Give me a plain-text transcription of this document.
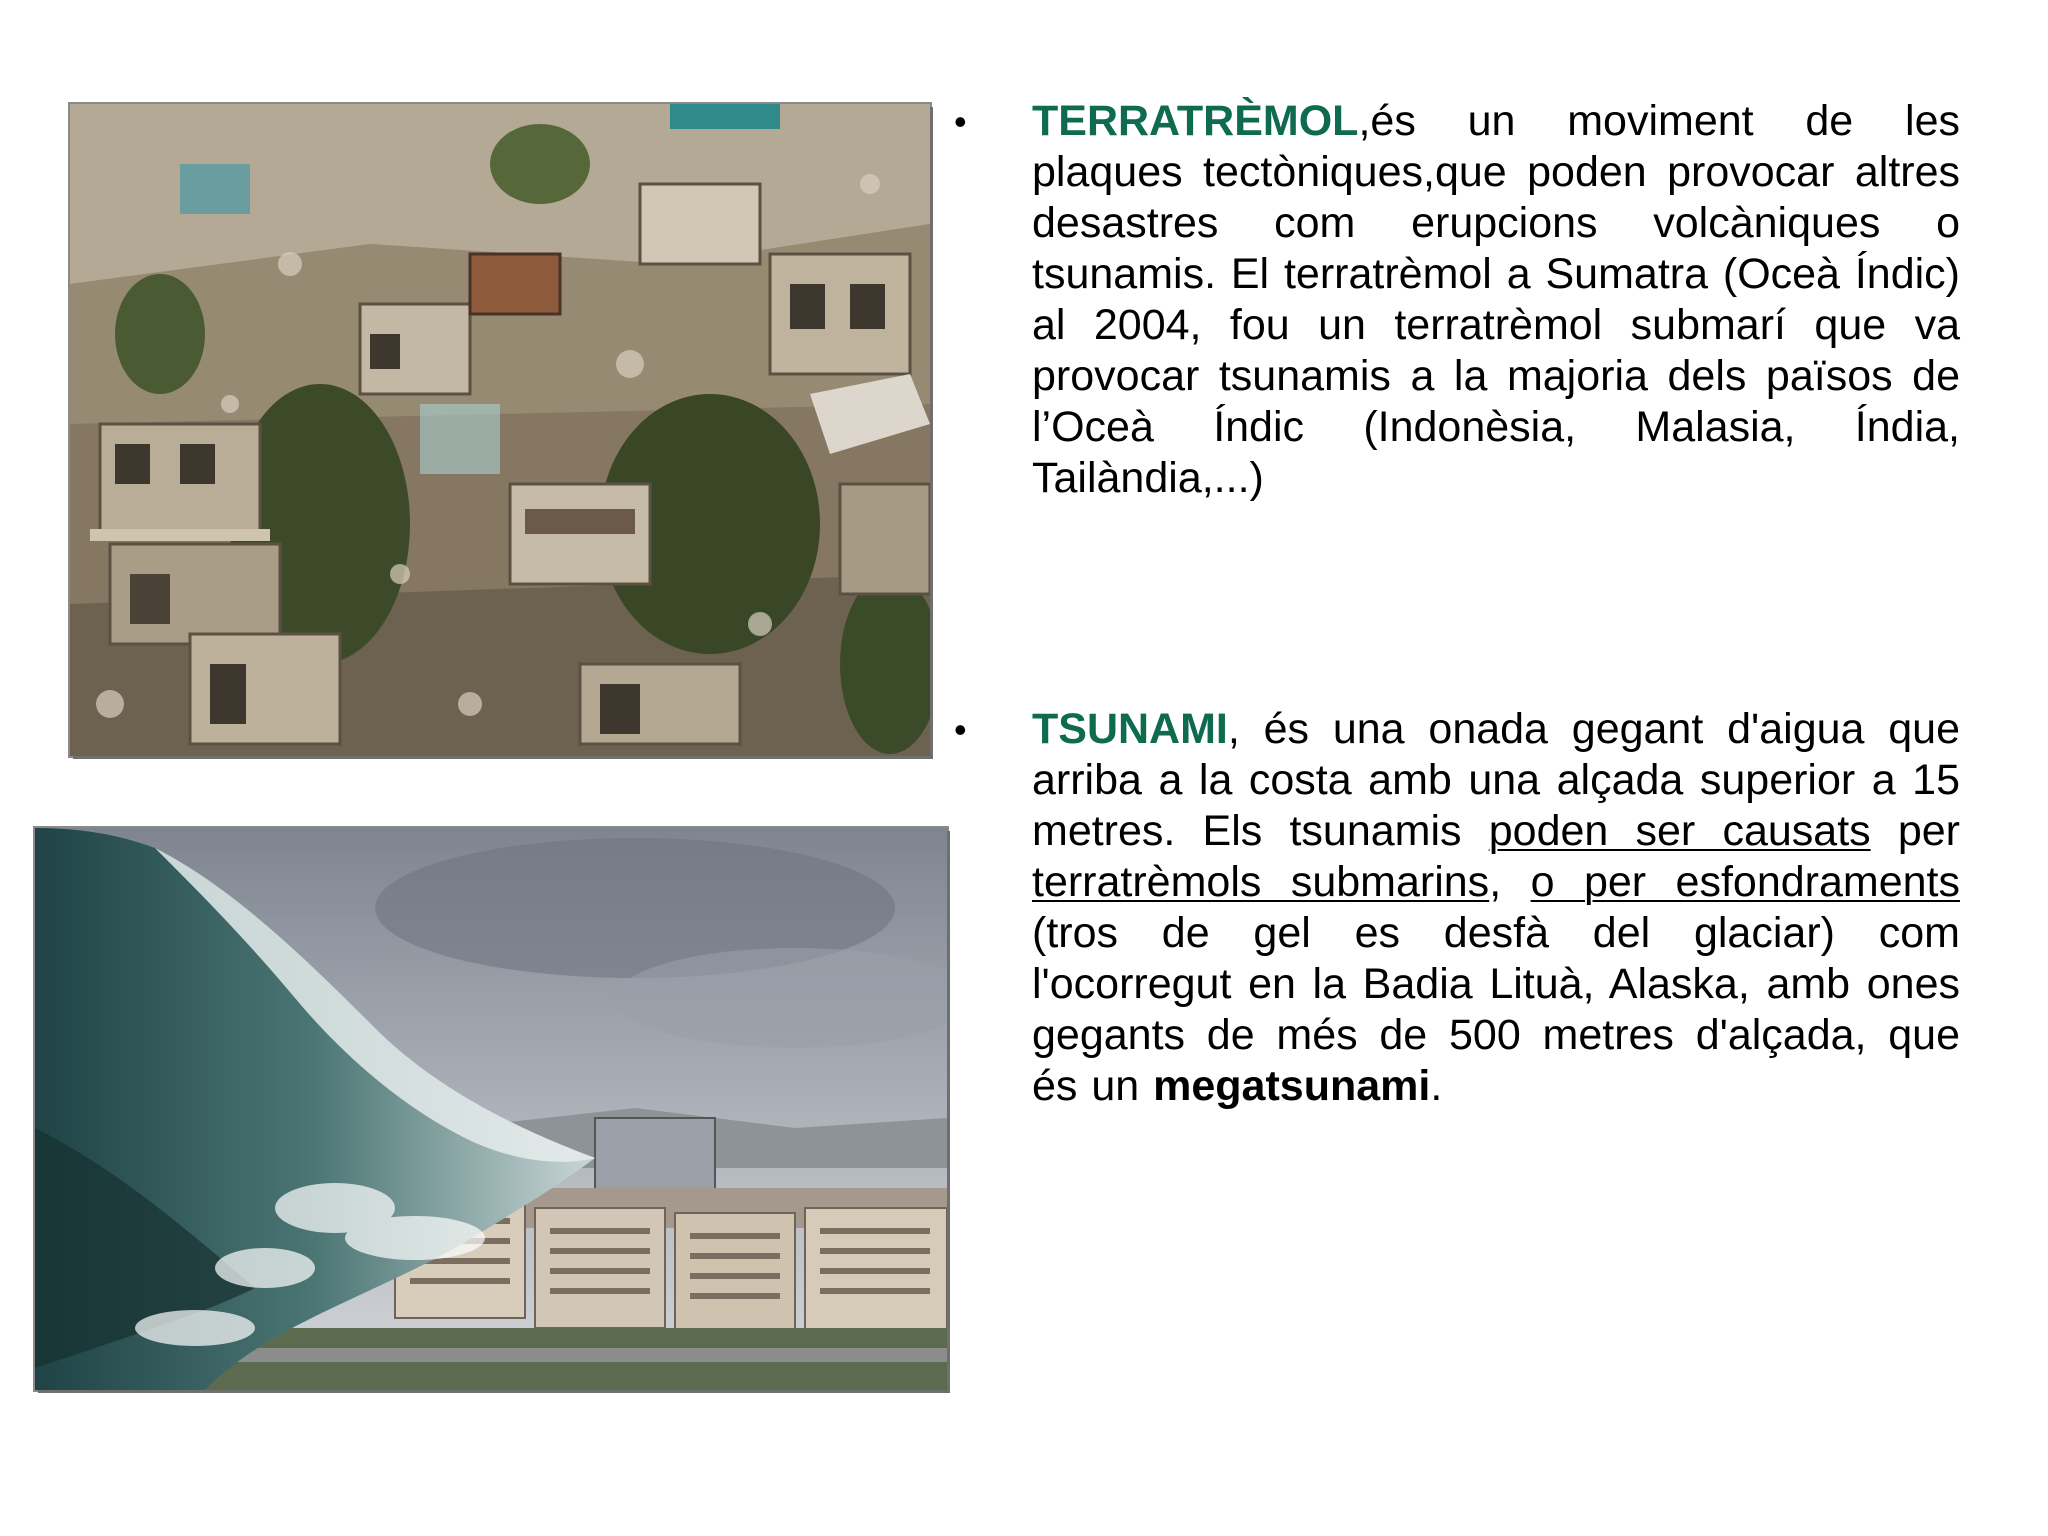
• TERRATRÈMOL,és un moviment de les plaques tectòniques,que poden provocar altres desastres com erupcions volcàniques o tsunamis. El terratrèmol a Sumatra (Oceà Índic) al 2004, fou un terratrèmol submarí que va provocar tsunamis a la majoria dels països de l’Oceà Índic (Indonèsia, Malasia, Índia, Tailàndia,...)

• TSUNAMI, és una onada gegant d'aigua que arriba a la costa amb una alçada superior a 15 metres. Els tsunamis poden ser causats per terratrèmols submarins, o per esfondraments (tros de gel es desfà del glaciar) com l'ocorregut en la Badia Lituà, Alaska, amb ones gegants de més de 500 metres d'alçada, que és un megatsunami.
